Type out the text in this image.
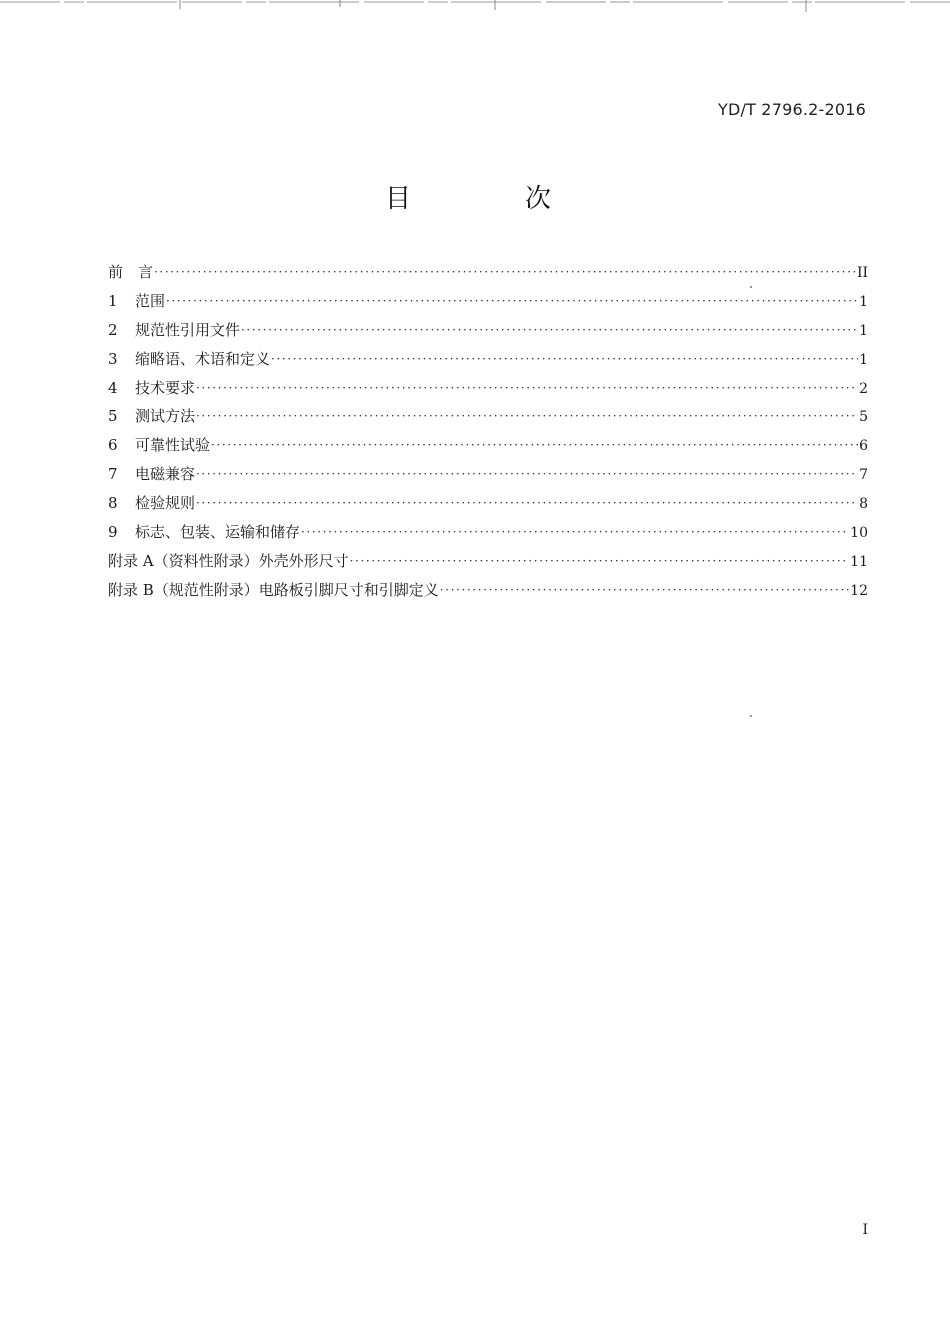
YD/T 2796.2-2016
目　次
前　言 ·····	II
1	范围 ·····	1
2	规范性引用文件 ·····	1
3	缩略语、术语和定义 ·····	1
4	技术要求 ·····	2
5	测试方法 ·····	5
6	可靠性试验 ·····	6
7	电磁兼容 ·····	7
8	检验规则 ·····	8
9	标志、包装、运输和储存 ·····	10
附录 A（资料性附录）外壳外形尺寸 ·····	11
附录 B（规范性附录）电路板引脚尺寸和引脚定义 ·····	12
I
